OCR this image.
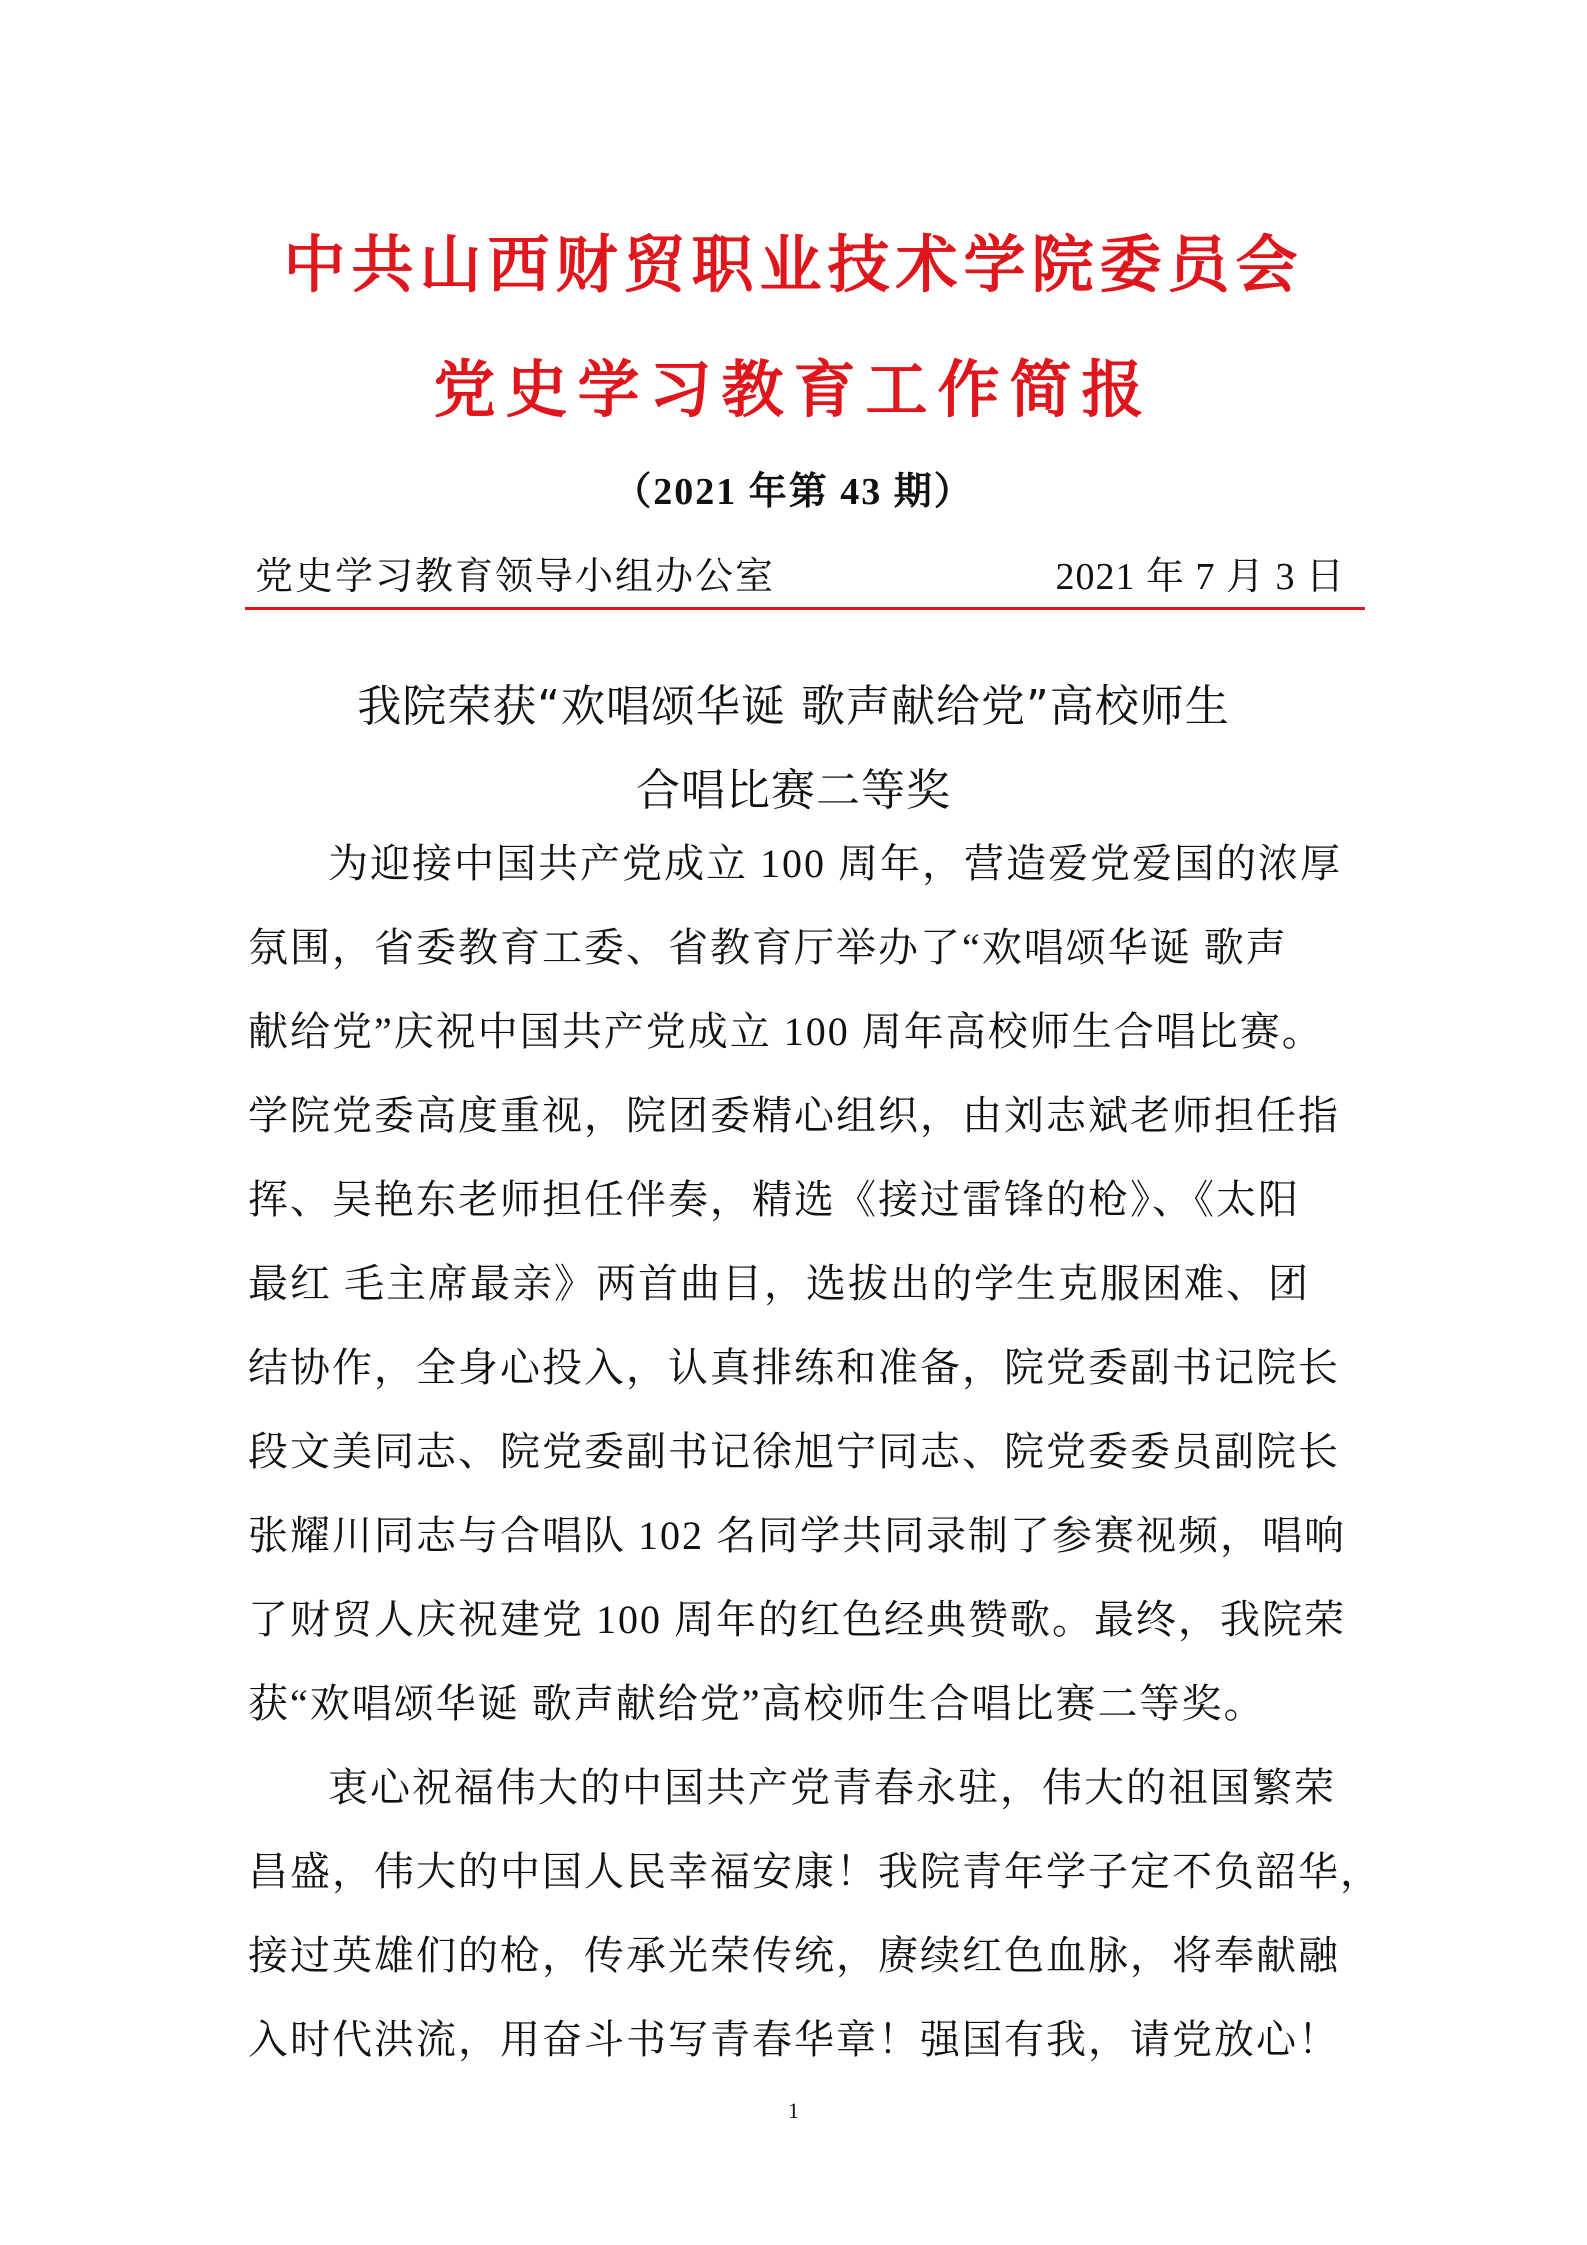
中共山西财贸职业技术学院委员会
党史学习教育工作简报
（2021 年第 43 期）
党史学习教育领导小组办公室	2021 年 7 月 3 日
我院荣获“欢唱颂华诞 歌声献给党”高校师生
合唱比赛二等奖
为迎接中国共产党成立 100 周年，营造爱党爱国的浓厚
氛围，省委教育工委、省教育厅举办了“欢唱颂华诞 歌声
献给党”庆祝中国共产党成立 100 周年高校师生合唱比赛。
学院党委高度重视，院团委精心组织，由刘志斌老师担任指
挥、吴艳东老师担任伴奏，精选《接过雷锋的枪》、《太阳
最红 毛主席最亲》两首曲目，选拔出的学生克服困难、团
结协作，全身心投入，认真排练和准备，院党委副书记院长
段文美同志、院党委副书记徐旭宁同志、院党委委员副院长
张耀川同志与合唱队 102 名同学共同录制了参赛视频，唱响
了财贸人庆祝建党 100 周年的红色经典赞歌。最终，我院荣
获“欢唱颂华诞 歌声献给党”高校师生合唱比赛二等奖。
衷心祝福伟大的中国共产党青春永驻，伟大的祖国繁荣
昌盛，伟大的中国人民幸福安康！我院青年学子定不负韶华，
接过英雄们的枪，传承光荣传统，赓续红色血脉，将奉献融
入时代洪流，用奋斗书写青春华章！强国有我，请党放心！
1
